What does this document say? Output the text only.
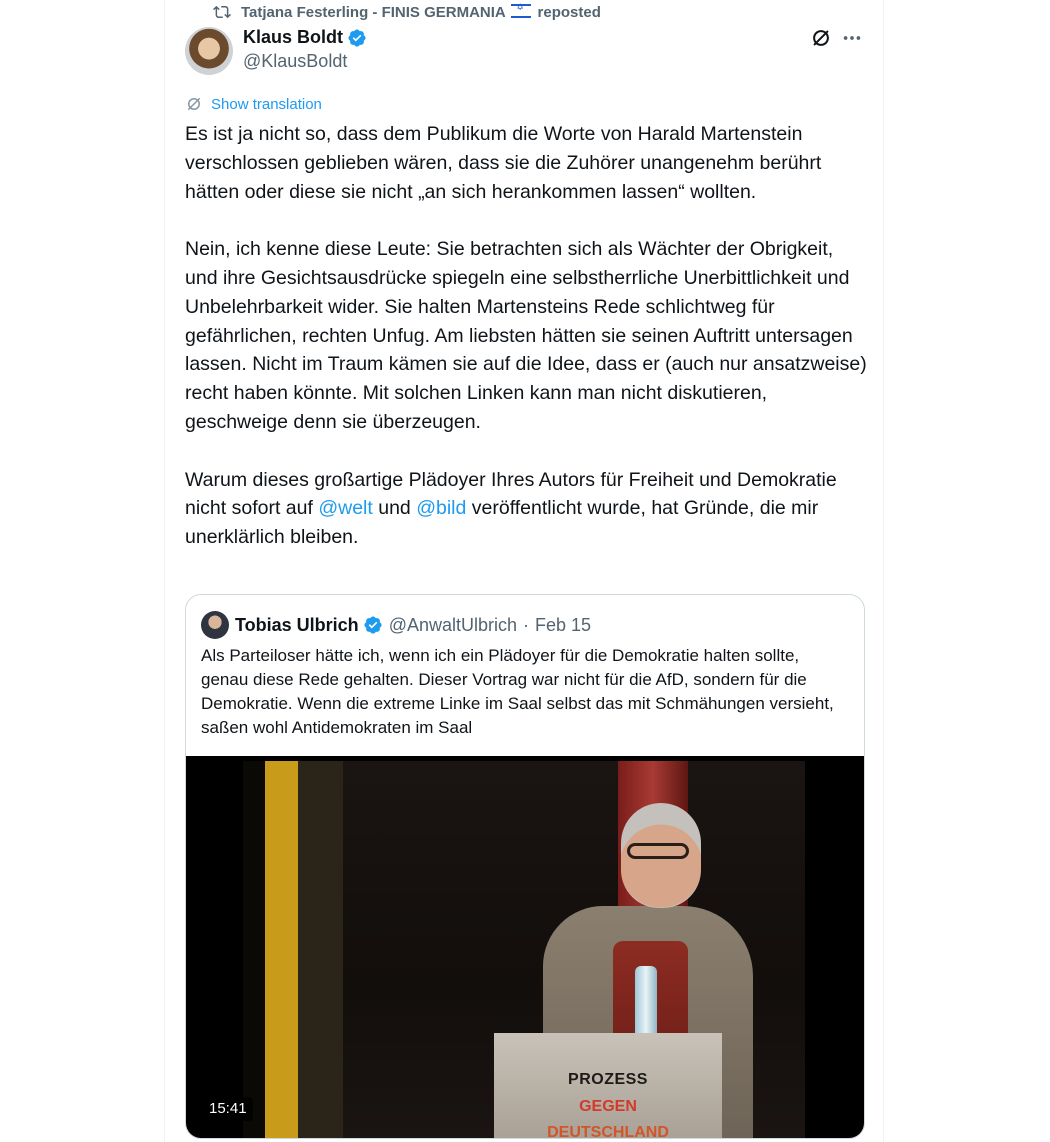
Tatjana Festerling - FINIS GERMANIA ✡ reposted
Klaus Boldt
@KlausBoldt
Show translation

Es ist ja nicht so, dass dem Publikum die Worte von Harald Martenstein verschlossen geblieben wären, dass sie die Zuhörer unangenehm berührt hätten oder diese sie nicht „an sich herankommen lassen“ wollten.

Nein, ich kenne diese Leute: Sie betrachten sich als Wächter der Obrigkeit, und ihre Gesichtsausdrücke spiegeln eine selbstherrliche Unerbittlichkeit und Unbelehrbarkeit wider. Sie halten Martensteins Rede schlichtweg für gefährlichen, rechten Unfug. Am liebsten hätten sie seinen Auftritt untersagen lassen. Nicht im Traum kämen sie auf die Idee, dass er (auch nur ansatzweise) recht haben könnte. Mit solchen Linken kann man nicht diskutieren, geschweige denn sie überzeugen.

Warum dieses großartige Plädoyer Ihres Autors für Freiheit und Demokratie nicht sofort auf @welt und @bild veröffentlicht wurde, hat Gründe, die mir unerklärlich bleiben.

Tobias Ulbrich @AnwaltUlbrich · Feb 15
Als Parteiloser hätte ich, wenn ich ein Plädoyer für die Demokratie halten sollte, genau diese Rede gehalten. Dieser Vortrag war nicht für die AfD, sondern für die Demokratie. Wenn die extreme Linke im Saal selbst das mit Schmähungen versieht, saßen wohl Antidemokraten im Saal
PROZESS
GEGEN
DEUTSCHLAND
15:41
